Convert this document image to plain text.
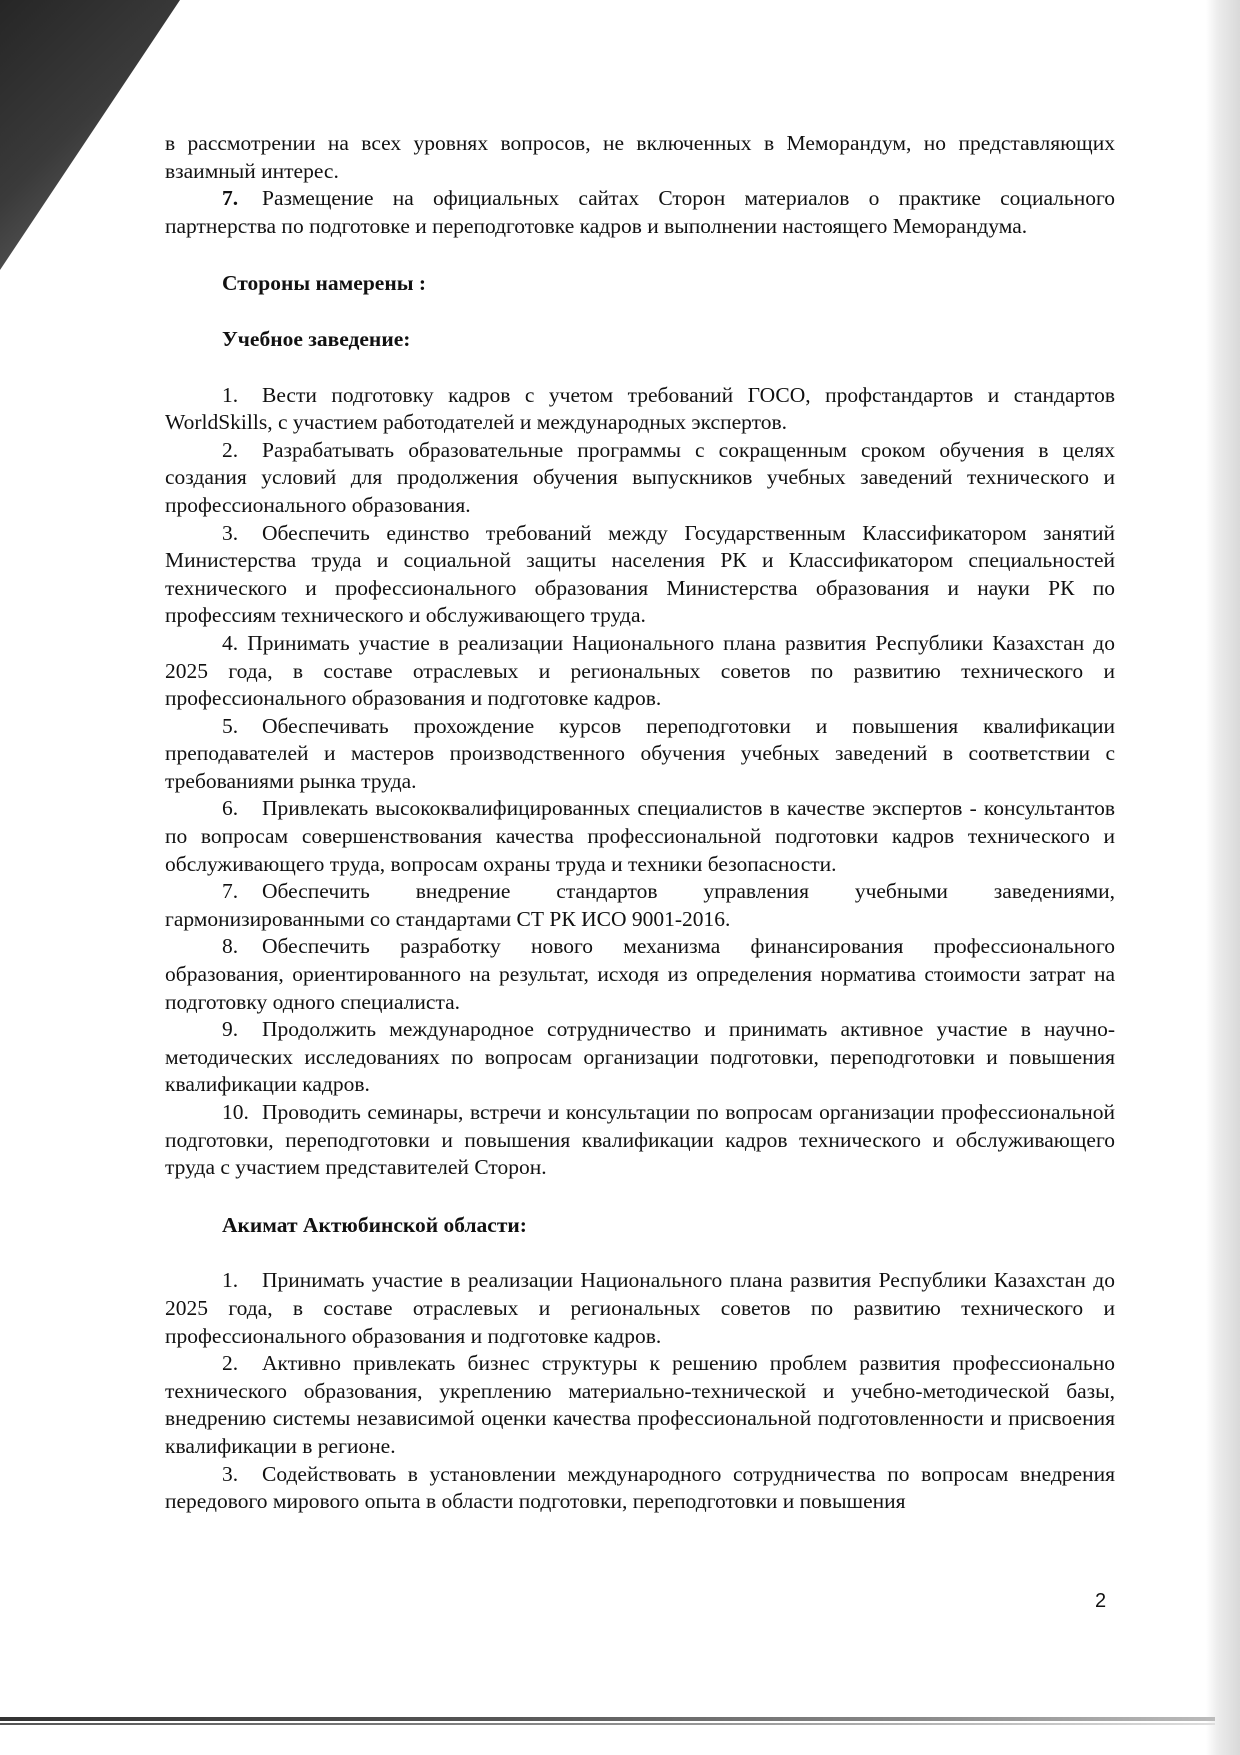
в рассмотрении на всех уровнях вопросов, не включенных в Меморандум, но представляющих взаимный интерес.

7. Размещение на официальных сайтах Сторон материалов о практике социального партнерства по подготовке и переподготовке кадров и выполнении настоящего Меморандума.

Стороны намерены :

Учебное заведение:

1. Вести подготовку кадров с учетом требований ГОСО, профстандартов и стандартов WorldSkills, с участием работодателей и международных экспертов.

2. Разрабатывать образовательные программы с сокращенным сроком обучения в целях создания условий для продолжения обучения выпускников учебных заведений технического и профессионального образования.

3. Обеспечить единство требований между Государственным Классификатором занятий Министерства труда и социальной защиты населения РК и Классификатором специальностей технического и профессионального образования Министерства образования и науки РК по профессиям технического и обслуживающего труда.

4. Принимать участие в реализации Национального плана развития Республики Казахстан до 2025 года, в составе отраслевых и региональных советов по развитию технического и профессионального образования и подготовке кадров.

5. Обеспечивать прохождение курсов переподготовки и повышения квалификации преподавателей и мастеров производственного обучения учебных заведений в соответствии с требованиями рынка труда.

6. Привлекать высококвалифицированных специалистов в качестве экспертов - консультантов по вопросам совершенствования качества профессиональной подготовки кадров технического и обслуживающего труда, вопросам охраны труда и техники безопасности.

7. Обеспечить внедрение стандартов управления учебными заведениями, гармонизированными со стандартами СТ РК ИСО 9001-2016.

8. Обеспечить разработку нового механизма финансирования профессионального образования, ориентированного на результат, исходя из определения норматива стоимости затрат на подготовку одного специалиста.

9. Продолжить международное сотрудничество и принимать активное участие в научно-методических исследованиях по вопросам организации подготовки, переподготовки и повышения квалификации кадров.

10. Проводить семинары, встречи и консультации по вопросам организации профессиональной подготовки, переподготовки и повышения квалификации кадров технического и обслуживающего труда с участием представителей Сторон.

Акимат Актюбинской области:

1. Принимать участие в реализации Национального плана развития Республики Казахстан до 2025 года, в составе отраслевых и региональных советов по развитию технического и профессионального образования и подготовке кадров.

2. Активно привлекать бизнес структуры к решению проблем развития профессионально технического образования, укреплению материально-технической и учебно-методической базы, внедрению системы независимой оценки качества профессиональной подготовленности и присвоения квалификации в регионе.

3. Содействовать в установлении международного сотрудничества по вопросам внедрения передового мирового опыта в области подготовки, переподготовки и повышения

2
